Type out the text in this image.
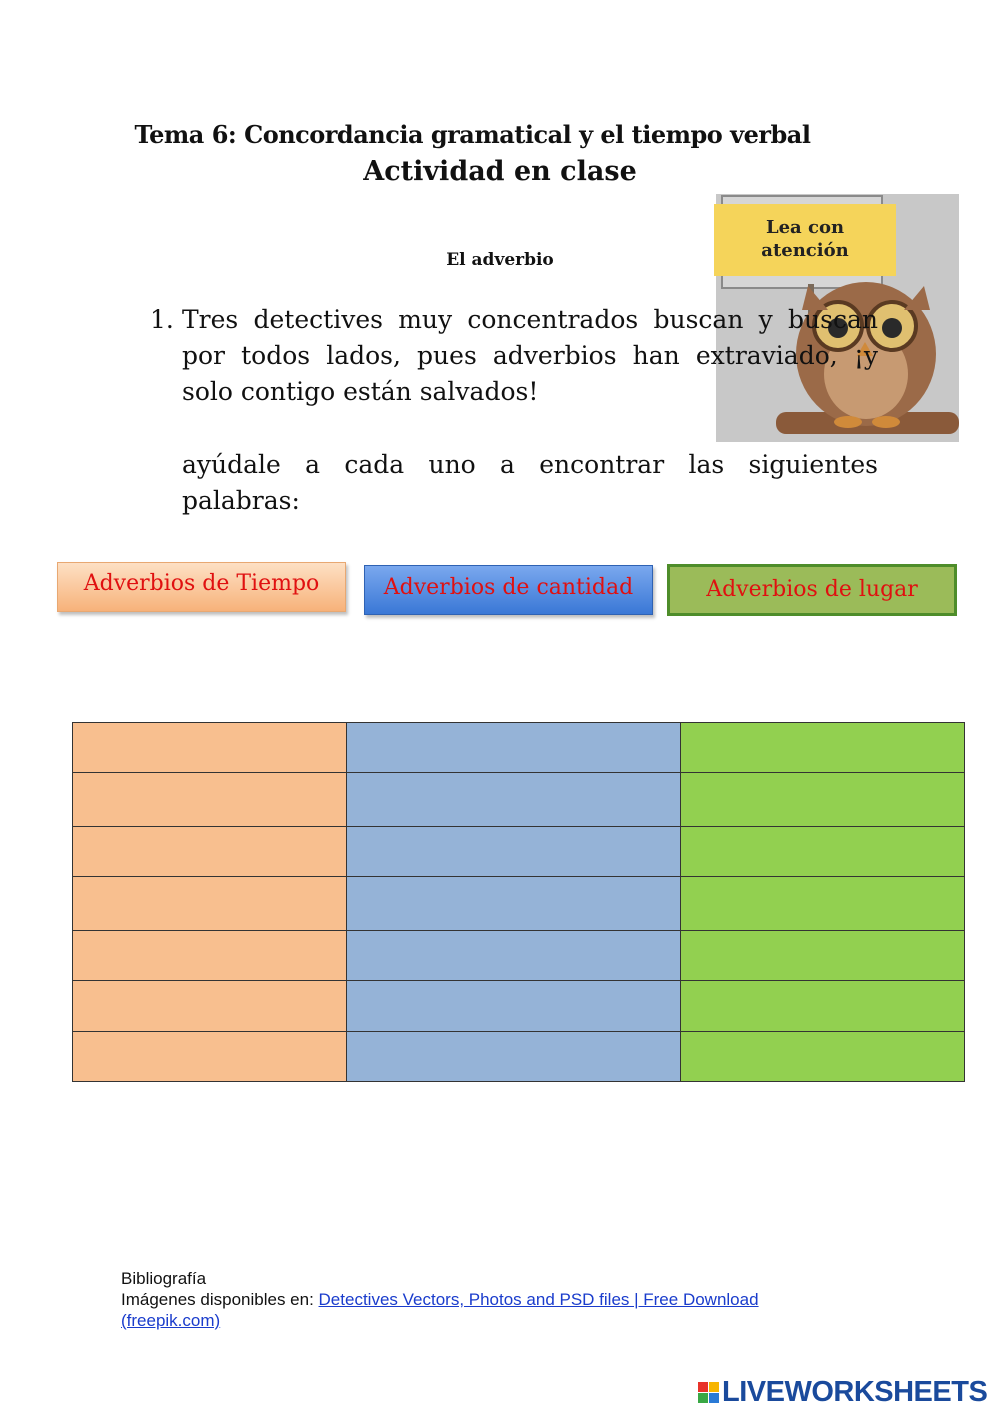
Tema 6: Concordancia gramatical y el tiempo verbal
Actividad en clase
El adverbio
Lea con
atención
1. Tres detectives muy concentrados buscan y buscan por todos lados, pues adverbios han extraviado, ¡y solo contigo están salvados!
ayúdale a cada uno a encontrar las siguientes palabras:
Adverbios de Tiempo	Adverbios de cantidad	Adverbios de lugar

Bibliografía
Imágenes disponibles en: Detectives Vectors, Photos and PSD files | Free Download (freepik.com)
LIVEWORKSHEETS
